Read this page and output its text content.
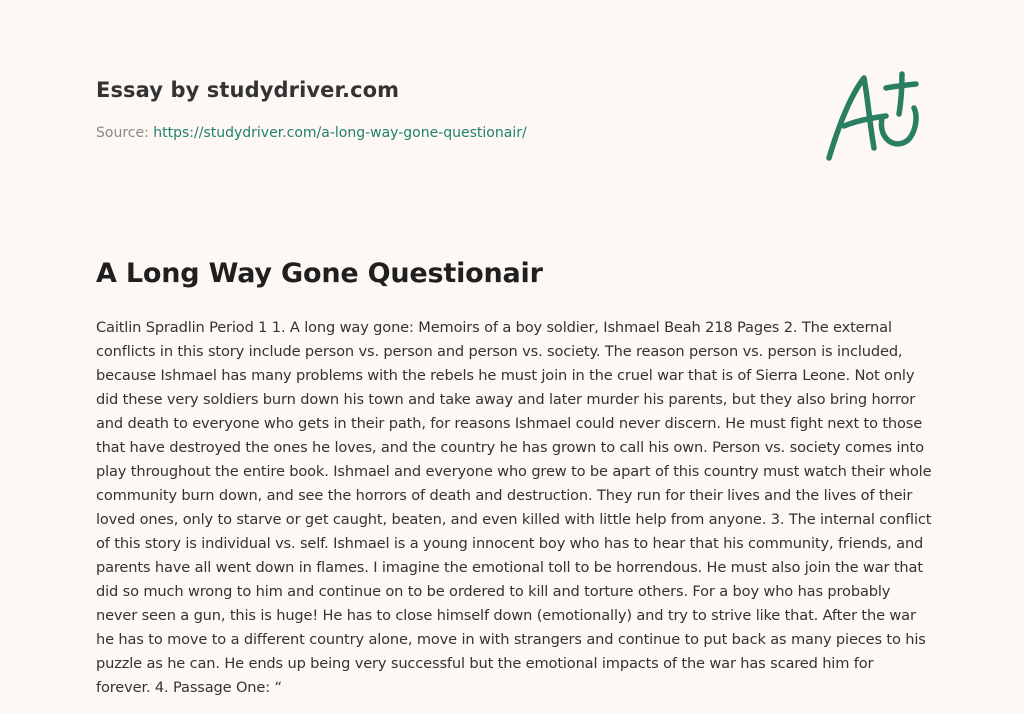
Essay by studydriver.com
Source: https://studydriver.com/a-long-way-gone-questionair/
A Long Way Gone Questionair

Caitlin Spradlin Period 1 1. A long way gone: Memoirs of a boy soldier, Ishmael Beah 218 Pages 2. The external conflicts in this story include person vs. person and person vs. society. The reason person vs. person is included, because Ishmael has many problems with the rebels he must join in the cruel war that is of Sierra Leone. Not only did these very soldiers burn down his town and take away and later murder his parents, but they also bring horror and death to everyone who gets in their path, for reasons Ishmael could never discern. He must fight next to those that have destroyed the ones he loves, and the country he has grown to call his own. Person vs. society comes into play throughout the entire book. Ishmael and everyone who grew to be apart of this country must watch their whole community burn down, and see the horrors of death and destruction. They run for their lives and the lives of their loved ones, only to starve or get caught, beaten, and even killed with little help from anyone. 3. The internal conflict of this story is individual vs. self. Ishmael is a young innocent boy who has to hear that his community, friends, and parents have all went down in flames. I imagine the emotional toll to be horrendous. He must also join the war that did so much wrong to him and continue on to be ordered to kill and torture others. For a boy who has probably never seen a gun, this is huge! He has to close himself down (emotionally) and try to strive like that. After the war he has to move to a different country alone, move in with strangers and continue to put back as many pieces to his puzzle as he can. He ends up being very successful but the emotional impacts of the war has scared him for forever. 4. Passage One: “
